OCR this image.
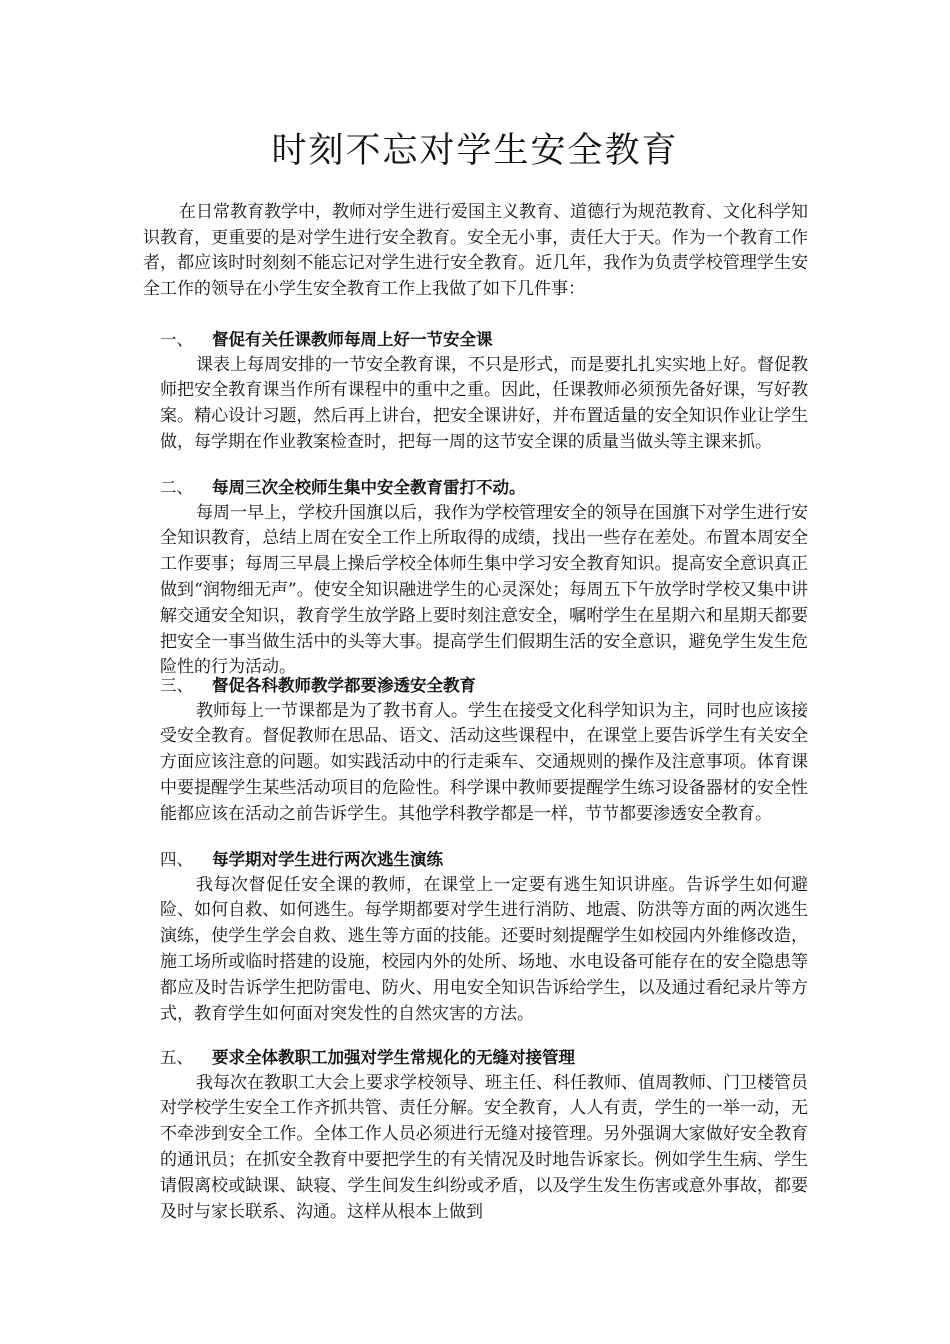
时刻不忘对学生安全教育

在日常教育教学中，教师对学生进行爱国主义教育、道德行为规范教育、文化科学知识教育，更重要的是对学生进行安全教育。安全无小事，责任大于天。作为一个教育工作者，都应该时时刻刻不能忘记对学生进行安全教育。近几年，我作为负责学校管理学生安全工作的领导在小学生安全教育工作上我做了如下几件事：

一、 督促有关任课教师每周上好一节安全课

课表上每周安排的一节安全教育课，不只是形式，而是要扎扎实实地上好。督促教师把安全教育课当作所有课程中的重中之重。因此，任课教师必须预先备好课，写好教案。精心设计习题，然后再上讲台，把安全课讲好，并布置适量的安全知识作业让学生做，每学期在作业教案检查时，把每一周的这节安全课的质量当做头等主课来抓。

二、 每周三次全校师生集中安全教育雷打不动。

每周一早上，学校升国旗以后，我作为学校管理安全的领导在国旗下对学生进行安全知识教育，总结上周在安全工作上所取得的成绩，找出一些存在差处。布置本周安全工作要事；每周三早晨上操后学校全体师生集中学习安全教育知识。提高安全意识真正做到“润物细无声”。使安全知识融进学生的心灵深处；每周五下午放学时学校又集中讲解交通安全知识，教育学生放学路上要时刻注意安全，嘱咐学生在星期六和星期天都要把安全一事当做生活中的头等大事。提高学生们假期生活的安全意识，避免学生发生危险性的行为活动。

三、 督促各科教师教学都要渗透安全教育

教师每上一节课都是为了教书育人。学生在接受文化科学知识为主，同时也应该接受安全教育。督促教师在思品、语文、活动这些课程中，在课堂上要告诉学生有关安全方面应该注意的问题。如实践活动中的行走乘车、交通规则的操作及注意事项。体育课中要提醒学生某些活动项目的危险性。科学课中教师要提醒学生练习设备器材的安全性能都应该在活动之前告诉学生。其他学科教学都是一样，节节都要渗透安全教育。

四、 每学期对学生进行两次逃生演练

我每次督促任安全课的教师，在课堂上一定要有逃生知识讲座。告诉学生如何避险、如何自救、如何逃生。每学期都要对学生进行消防、地震、防洪等方面的两次逃生演练，使学生学会自救、逃生等方面的技能。还要时刻提醒学生如校园内外维修改造，施工场所或临时搭建的设施，校园内外的处所、场地、水电设备可能存在的安全隐患等都应及时告诉学生把防雷电、防火、用电安全知识告诉给学生，以及通过看纪录片等方式，教育学生如何面对突发性的自然灾害的方法。

五、 要求全体教职工加强对学生常规化的无缝对接管理

我每次在教职工大会上要求学校领导、班主任、科任教师、值周教师、门卫楼管员对学校学生安全工作齐抓共管、责任分解。安全教育，人人有责，学生的一举一动，无不牵涉到安全工作。全体工作人员必须进行无缝对接管理。另外强调大家做好安全教育的通讯员；在抓安全教育中要把学生的有关情况及时地告诉家长。例如学生生病、学生请假离校或缺课、缺寝、学生间发生纠纷或矛盾，以及学生发生伤害或意外事故，都要及时与家长联系、沟通。这样从根本上做到
